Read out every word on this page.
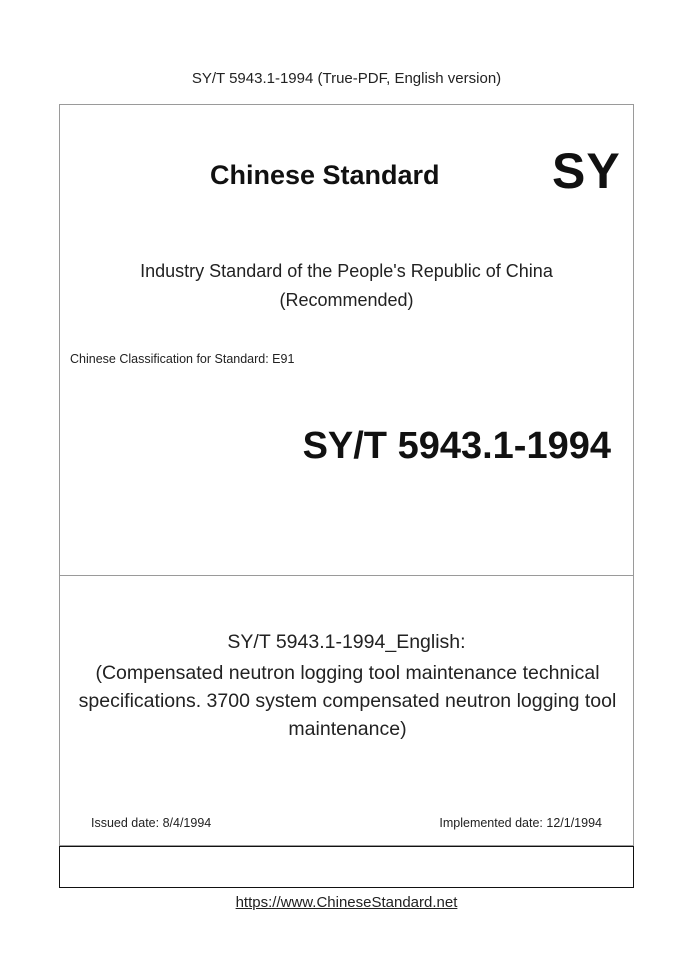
SY/T 5943.1-1994 (True-PDF, English version)
Chinese Standard SY
Industry Standard of the People's Republic of China
(Recommended)
Chinese Classification for Standard: E91
SY/T 5943.1-1994
SY/T 5943.1-1994_English:
(Compensated neutron logging tool maintenance technical specifications. 3700 system compensated neutron logging tool maintenance)
Issued date: 8/4/1994	Implemented date: 12/1/1994
https://www.ChineseStandard.net
